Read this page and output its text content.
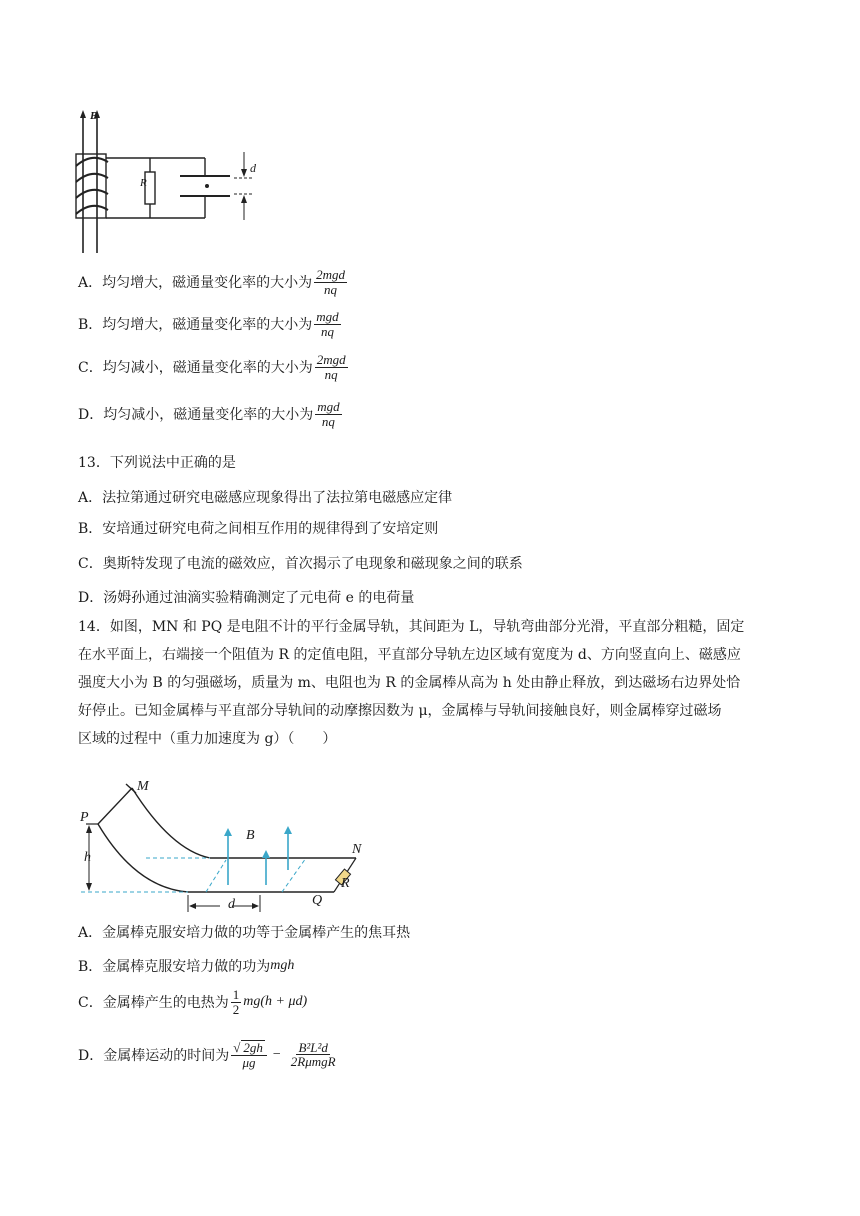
B
R
d
A．均匀增大，磁通量变化率的大小为 $\frac{\text{2mgd}}{nq}$
B．均匀增大，磁通量变化率的大小为 $\frac{\text{mgd}}{nq}$
C．均匀减小，磁通量变化率的大小为 $\frac{\text{2mgd}}{nq}$
D．均匀减小，磁通量变化率的大小为 $\frac{\text{mgd}}{nq}$
13．下列说法中正确的是
A．法拉第通过研究电磁感应现象得出了法拉第电磁感应定律
B．安培通过研究电荷之间相互作用的规律得到了安培定则
C．奥斯特发现了电流的磁效应，首次揭示了电现象和磁现象之间的联系
D．汤姆孙通过油滴实验精确测定了元电荷 e 的电荷量
14．如图，MN 和 PQ 是电阻不计的平行金属导轨，其间距为 L，导轨弯曲部分光滑，平直部分粗糙，固定
在水平面上，右端接一个阻值为 R 的定值电阻，平直部分导轨左边区域有宽度为 d、方向竖直向上、磁感应
强度大小为 B 的匀强磁场，质量为 m、电阻也为 R 的金属棒从高为 h 处由静止释放，到达磁场右边界处恰
好停止。已知金属棒与平直部分导轨间的动摩擦因数为 μ，金属棒与导轨间接触良好，则金属棒穿过磁场
区域的过程中（重力加速度为 g）（　　）
M
P
h
B
N
R
Q
d
A．金属棒克服安培力做的功等于金属棒产生的焦耳热
B．金属棒克服安培力做的功为 mgh
C．金属棒产生的电热为 $\frac{1}{2} mg(h + \mu d)$
D．金属棒运动的时间为 $\frac{√ 2gh}{\mu g} - \frac{\text{B²L²d}}{\text{2RμmgR}}$
